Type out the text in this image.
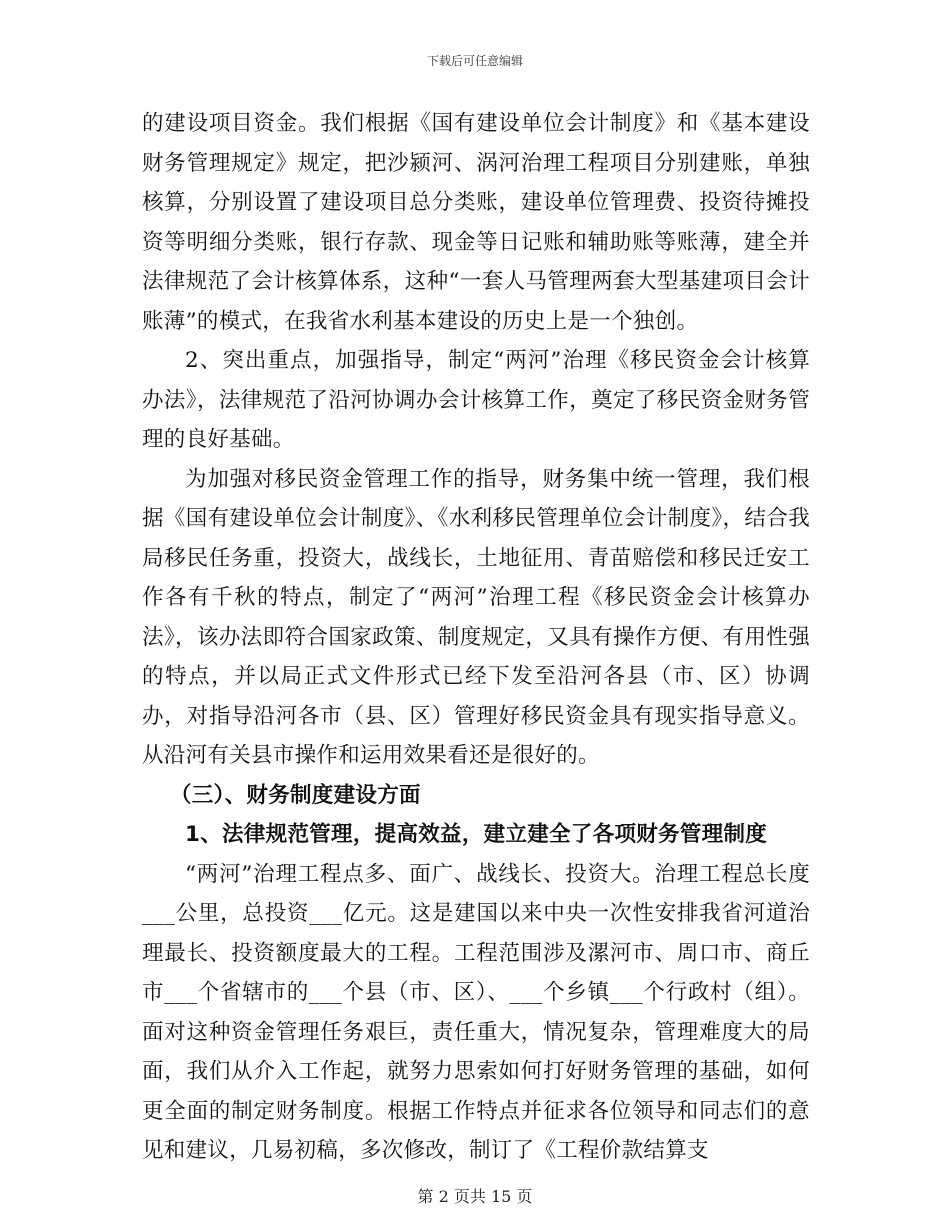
下载后可任意编辑

的建设项目资金。我们根据《国有建设单位会计制度》和《基本建设财务管理规定》规定，把沙颍河、涡河治理工程项目分别建账，单独核算，分别设置了建设项目总分类账，建设单位管理费、投资待摊投资等明细分类账，银行存款、现金等日记账和辅助账等账薄，建全并法律规范了会计核算体系，这种“一套人马管理两套大型基建项目会计账薄”的模式，在我省水利基本建设的历史上是一个独创。

2、突出重点，加强指导，制定“两河”治理《移民资金会计核算办法》，法律规范了沿河协调办会计核算工作，奠定了移民资金财务管理的良好基础。

为加强对移民资金管理工作的指导，财务集中统一管理，我们根据《国有建设单位会计制度》、《水利移民管理单位会计制度》，结合我局移民任务重，投资大，战线长，土地征用、青苗赔偿和移民迁安工作各有千秋的特点，制定了“两河”治理工程《移民资金会计核算办法》，该办法即符合国家政策、制度规定，又具有操作方便、有用性强的特点，并以局正式文件形式已经下发至沿河各县（市、区）协调办，对指导沿河各市（县、区）管理好移民资金具有现实指导意义。从沿河有关县市操作和运用效果看还是很好的。

（三）、财务制度建设方面

1、法律规范管理，提高效益，建立建全了各项财务管理制度

“两河”治理工程点多、面广、战线长、投资大。治理工程总长度___公里，总投资___亿元。这是建国以来中央一次性安排我省河道治理最长、投资额度最大的工程。工程范围涉及漯河市、周口市、商丘市___个省辖市的___个县（市、区）、___个乡镇___个行政村（组）。面对这种资金管理任务艰巨，责任重大，情况复杂，管理难度大的局面，我们从介入工作起，就努力思索如何打好财务管理的基础，如何更全面的制定财务制度。根据工作特点并征求各位领导和同志们的意见和建议，几易初稿，多次修改，制订了《工程价款结算支

第 2 页共 15 页
